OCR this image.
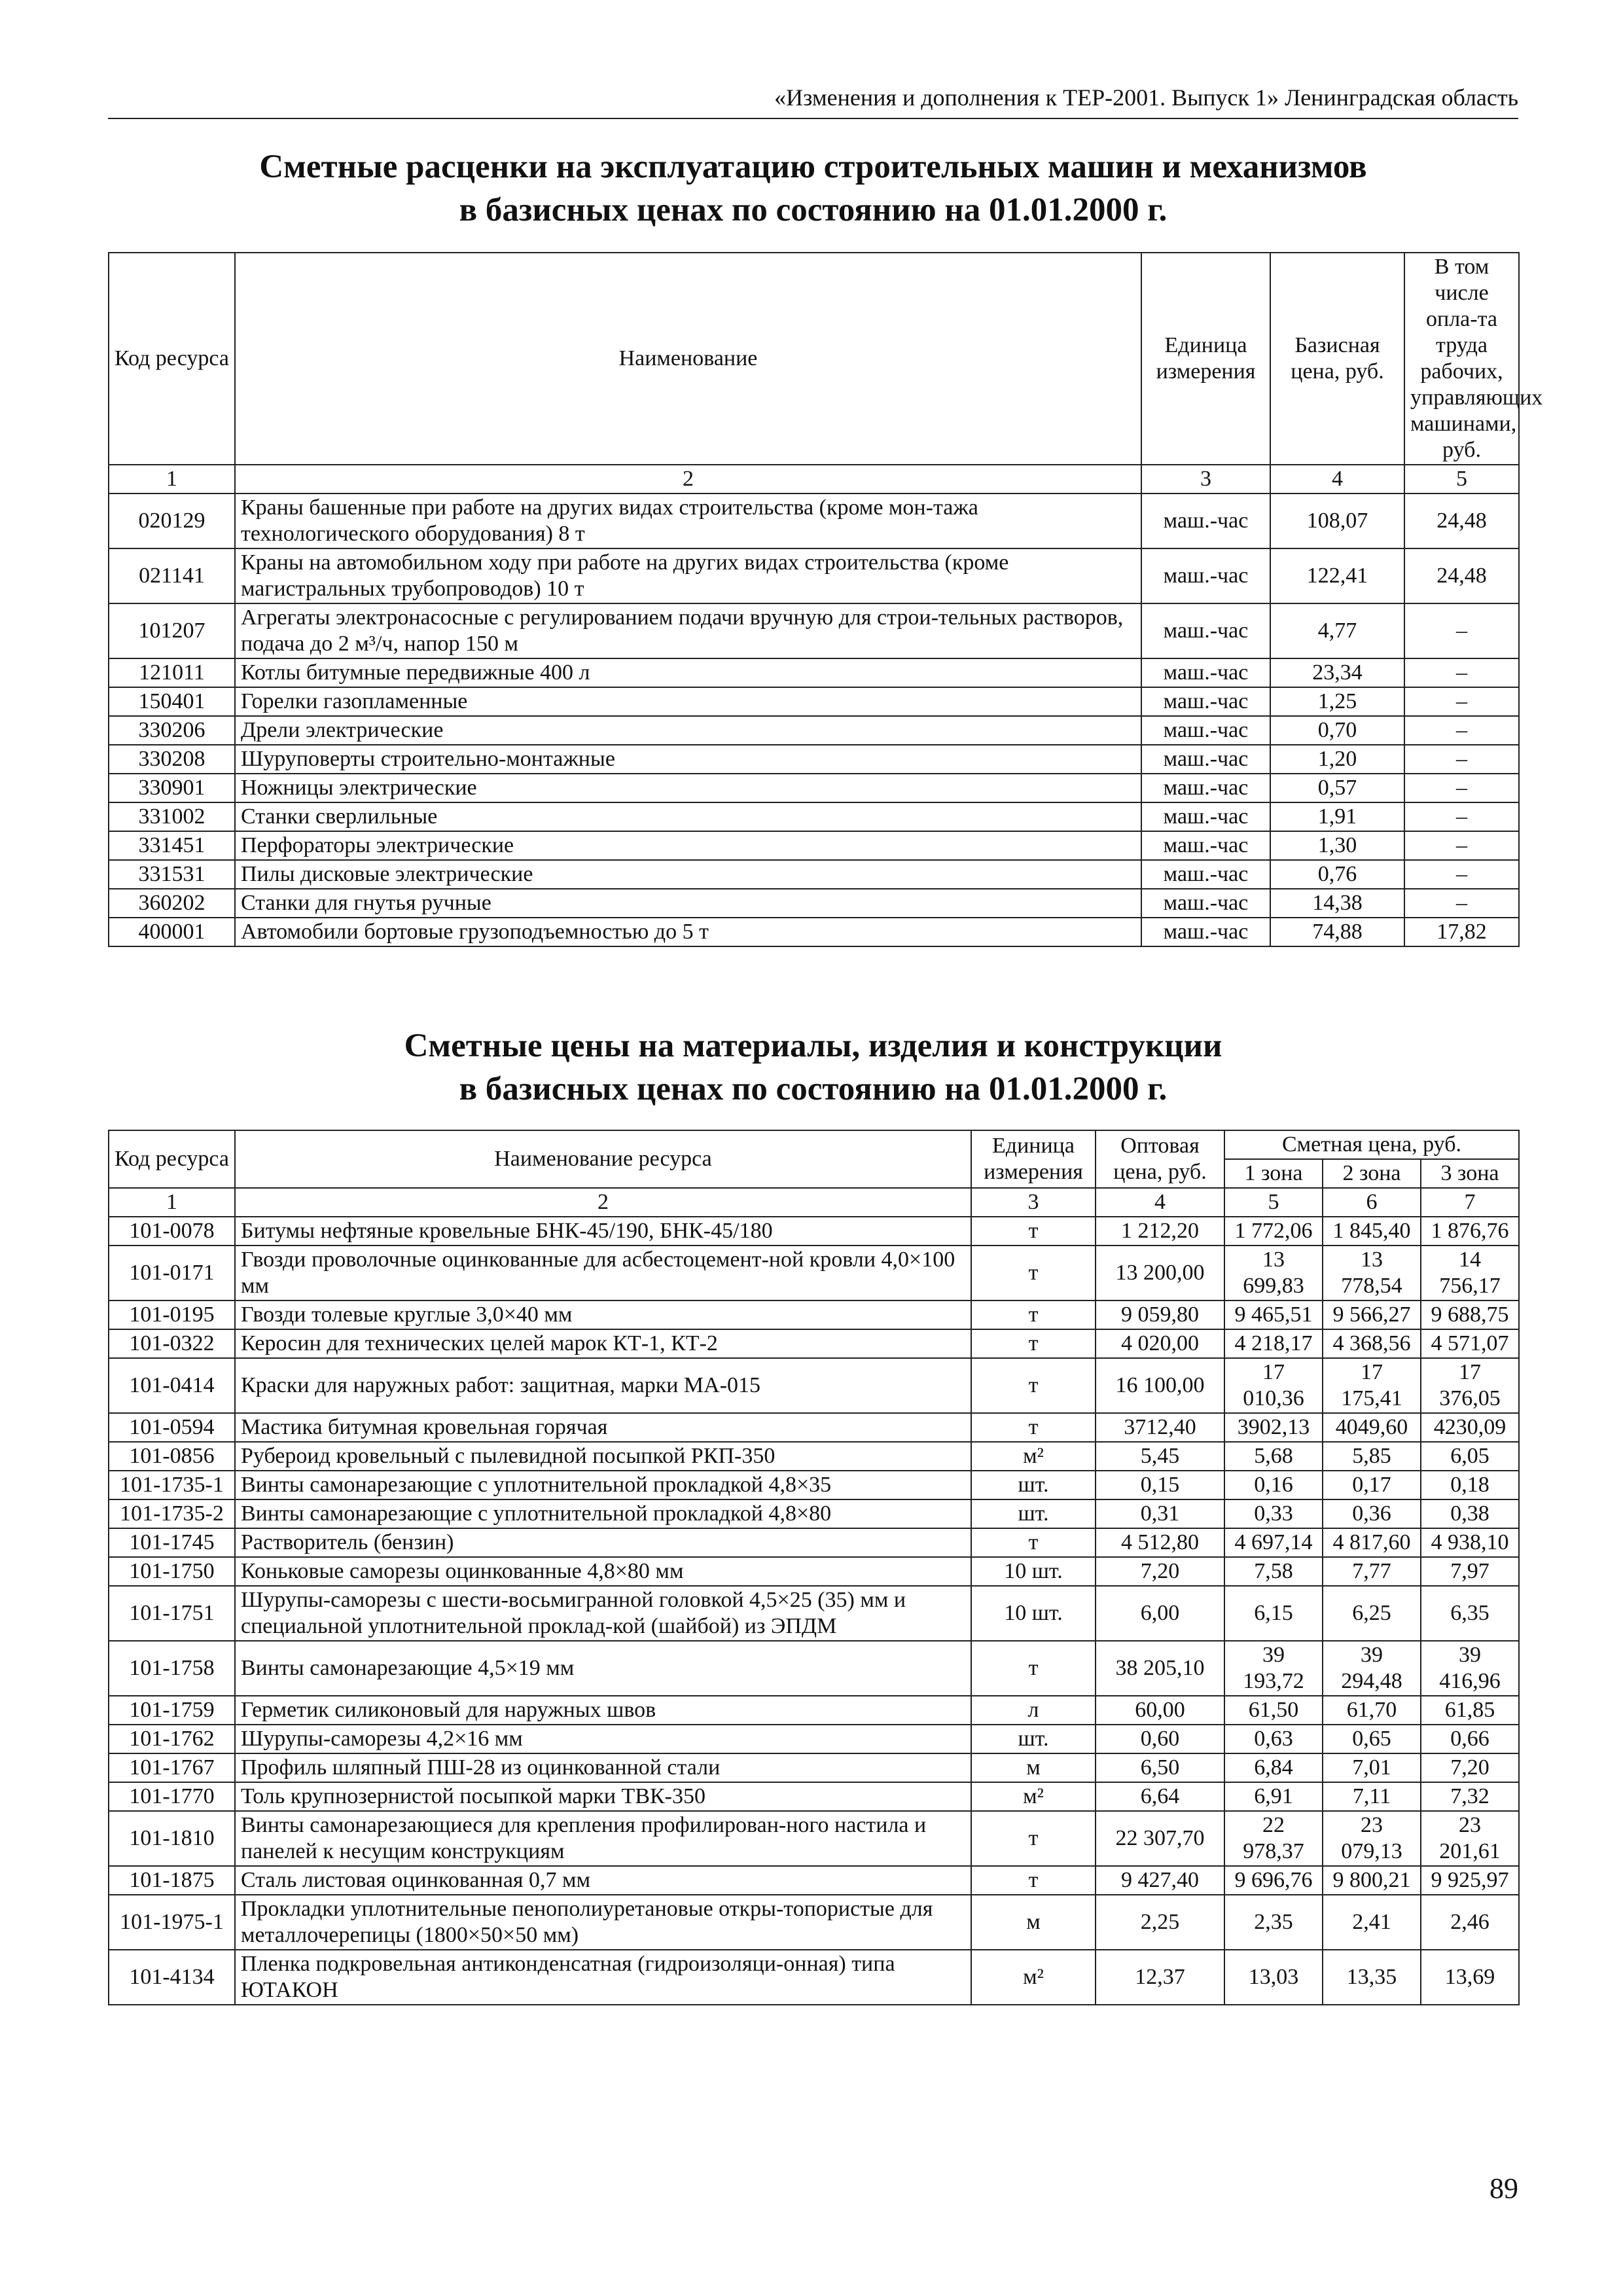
«Изменения и дополнения к ТЕР-2001. Выпуск 1» Ленинградская область
Сметные расценки на эксплуатацию строительных машин и механизмов
в базисных ценах по состоянию на 01.01.2000 г.
Код ресурса	Наименование	Единица измерения	Базисная цена, руб.	В том числе опла-та труда рабочих, управляющих машинами, руб.
1	2	3	4	5
020129	Краны башенные при работе на других видах строительства (кроме мон-тажа технологического оборудования) 8 т	маш.-час	108,07	24,48
021141	Краны на автомобильном ходу при работе на других видах строительства (кроме магистральных трубопроводов) 10 т	маш.-час	122,41	24,48
101207	Агрегаты электронасосные с регулированием подачи вручную для строи-тельных растворов, подача до 2 м³/ч, напор 150 м	маш.-час	4,77	–
121011	Котлы битумные передвижные 400 л	маш.-час	23,34	–
150401	Горелки газопламенные	маш.-час	1,25	–
330206	Дрели электрические	маш.-час	0,70	–
330208	Шуруповерты строительно-монтажные	маш.-час	1,20	–
330901	Ножницы электрические	маш.-час	0,57	–
331002	Станки сверлильные	маш.-час	1,91	–
331451	Перфораторы электрические	маш.-час	1,30	–
331531	Пилы дисковые электрические	маш.-час	0,76	–
360202	Станки для гнутья ручные	маш.-час	14,38	–
400001	Автомобили бортовые грузоподъемностью до 5 т	маш.-час	74,88	17,82
Сметные цены на материалы, изделия и конструкции
в базисных ценах по состоянию на 01.01.2000 г.
Код ресурса	Наименование ресурса	Единица измерения	Оптовая цена, руб.	Сметная цена, руб.		
				1 зона	2 зона	3 зона
1	2	3	4	5	6	7
101-0078	Битумы нефтяные кровельные БНК-45/190, БНК-45/180	т	1 212,20	1 772,06	1 845,40	1 876,76
101-0171	Гвозди проволочные оцинкованные для асбестоцемент-ной кровли 4,0×100 мм	т	13 200,00	13 699,83	13 778,54	14 756,17
101-0195	Гвозди толевые круглые 3,0×40 мм	т	9 059,80	9 465,51	9 566,27	9 688,75
101-0322	Керосин для технических целей марок КТ-1, КТ-2	т	4 020,00	4 218,17	4 368,56	4 571,07
101-0414	Краски для наружных работ: защитная, марки МА-015	т	16 100,00	17 010,36	17 175,41	17 376,05
101-0594	Мастика битумная кровельная горячая	т	3712,40	3902,13	4049,60	4230,09
101-0856	Рубероид кровельный с пылевидной посыпкой РКП-350	м²	5,45	5,68	5,85	6,05
101-1735-1	Винты самонарезающие с уплотнительной прокладкой 4,8×35	шт.	0,15	0,16	0,17	0,18
101-1735-2	Винты самонарезающие с уплотнительной прокладкой 4,8×80	шт.	0,31	0,33	0,36	0,38
101-1745	Растворитель (бензин)	т	4 512,80	4 697,14	4 817,60	4 938,10
101-1750	Коньковые саморезы оцинкованные 4,8×80 мм	10 шт.	7,20	7,58	7,77	7,97
101-1751	Шурупы-саморезы с шести-восьмигранной головкой 4,5×25 (35) мм и специальной уплотнительной проклад-кой (шайбой) из ЭПДМ	10 шт.	6,00	6,15	6,25	6,35
101-1758	Винты самонарезающие 4,5×19 мм	т	38 205,10	39 193,72	39 294,48	39 416,96
101-1759	Герметик силиконовый для наружных швов	л	60,00	61,50	61,70	61,85
101-1762	Шурупы-саморезы 4,2×16 мм	шт.	0,60	0,63	0,65	0,66
101-1767	Профиль шляпный ПШ-28 из оцинкованной стали	м	6,50	6,84	7,01	7,20
101-1770	Толь крупнозернистой посыпкой марки ТВК-350	м²	6,64	6,91	7,11	7,32
101-1810	Винты самонарезающиеся для крепления профилирован-ного настила и панелей к несущим конструкциям	т	22 307,70	22 978,37	23 079,13	23 201,61
101-1875	Сталь листовая оцинкованная 0,7 мм	т	9 427,40	9 696,76	9 800,21	9 925,97
101-1975-1	Прокладки уплотнительные пенополиуретановые откры-топористые для металлочерепицы (1800×50×50 мм)	м	2,25	2,35	2,41	2,46
101-4134	Пленка подкровельная антиконденсатная (гидроизоляци-онная) типа ЮТАКОН	м²	12,37	13,03	13,35	13,69
89
